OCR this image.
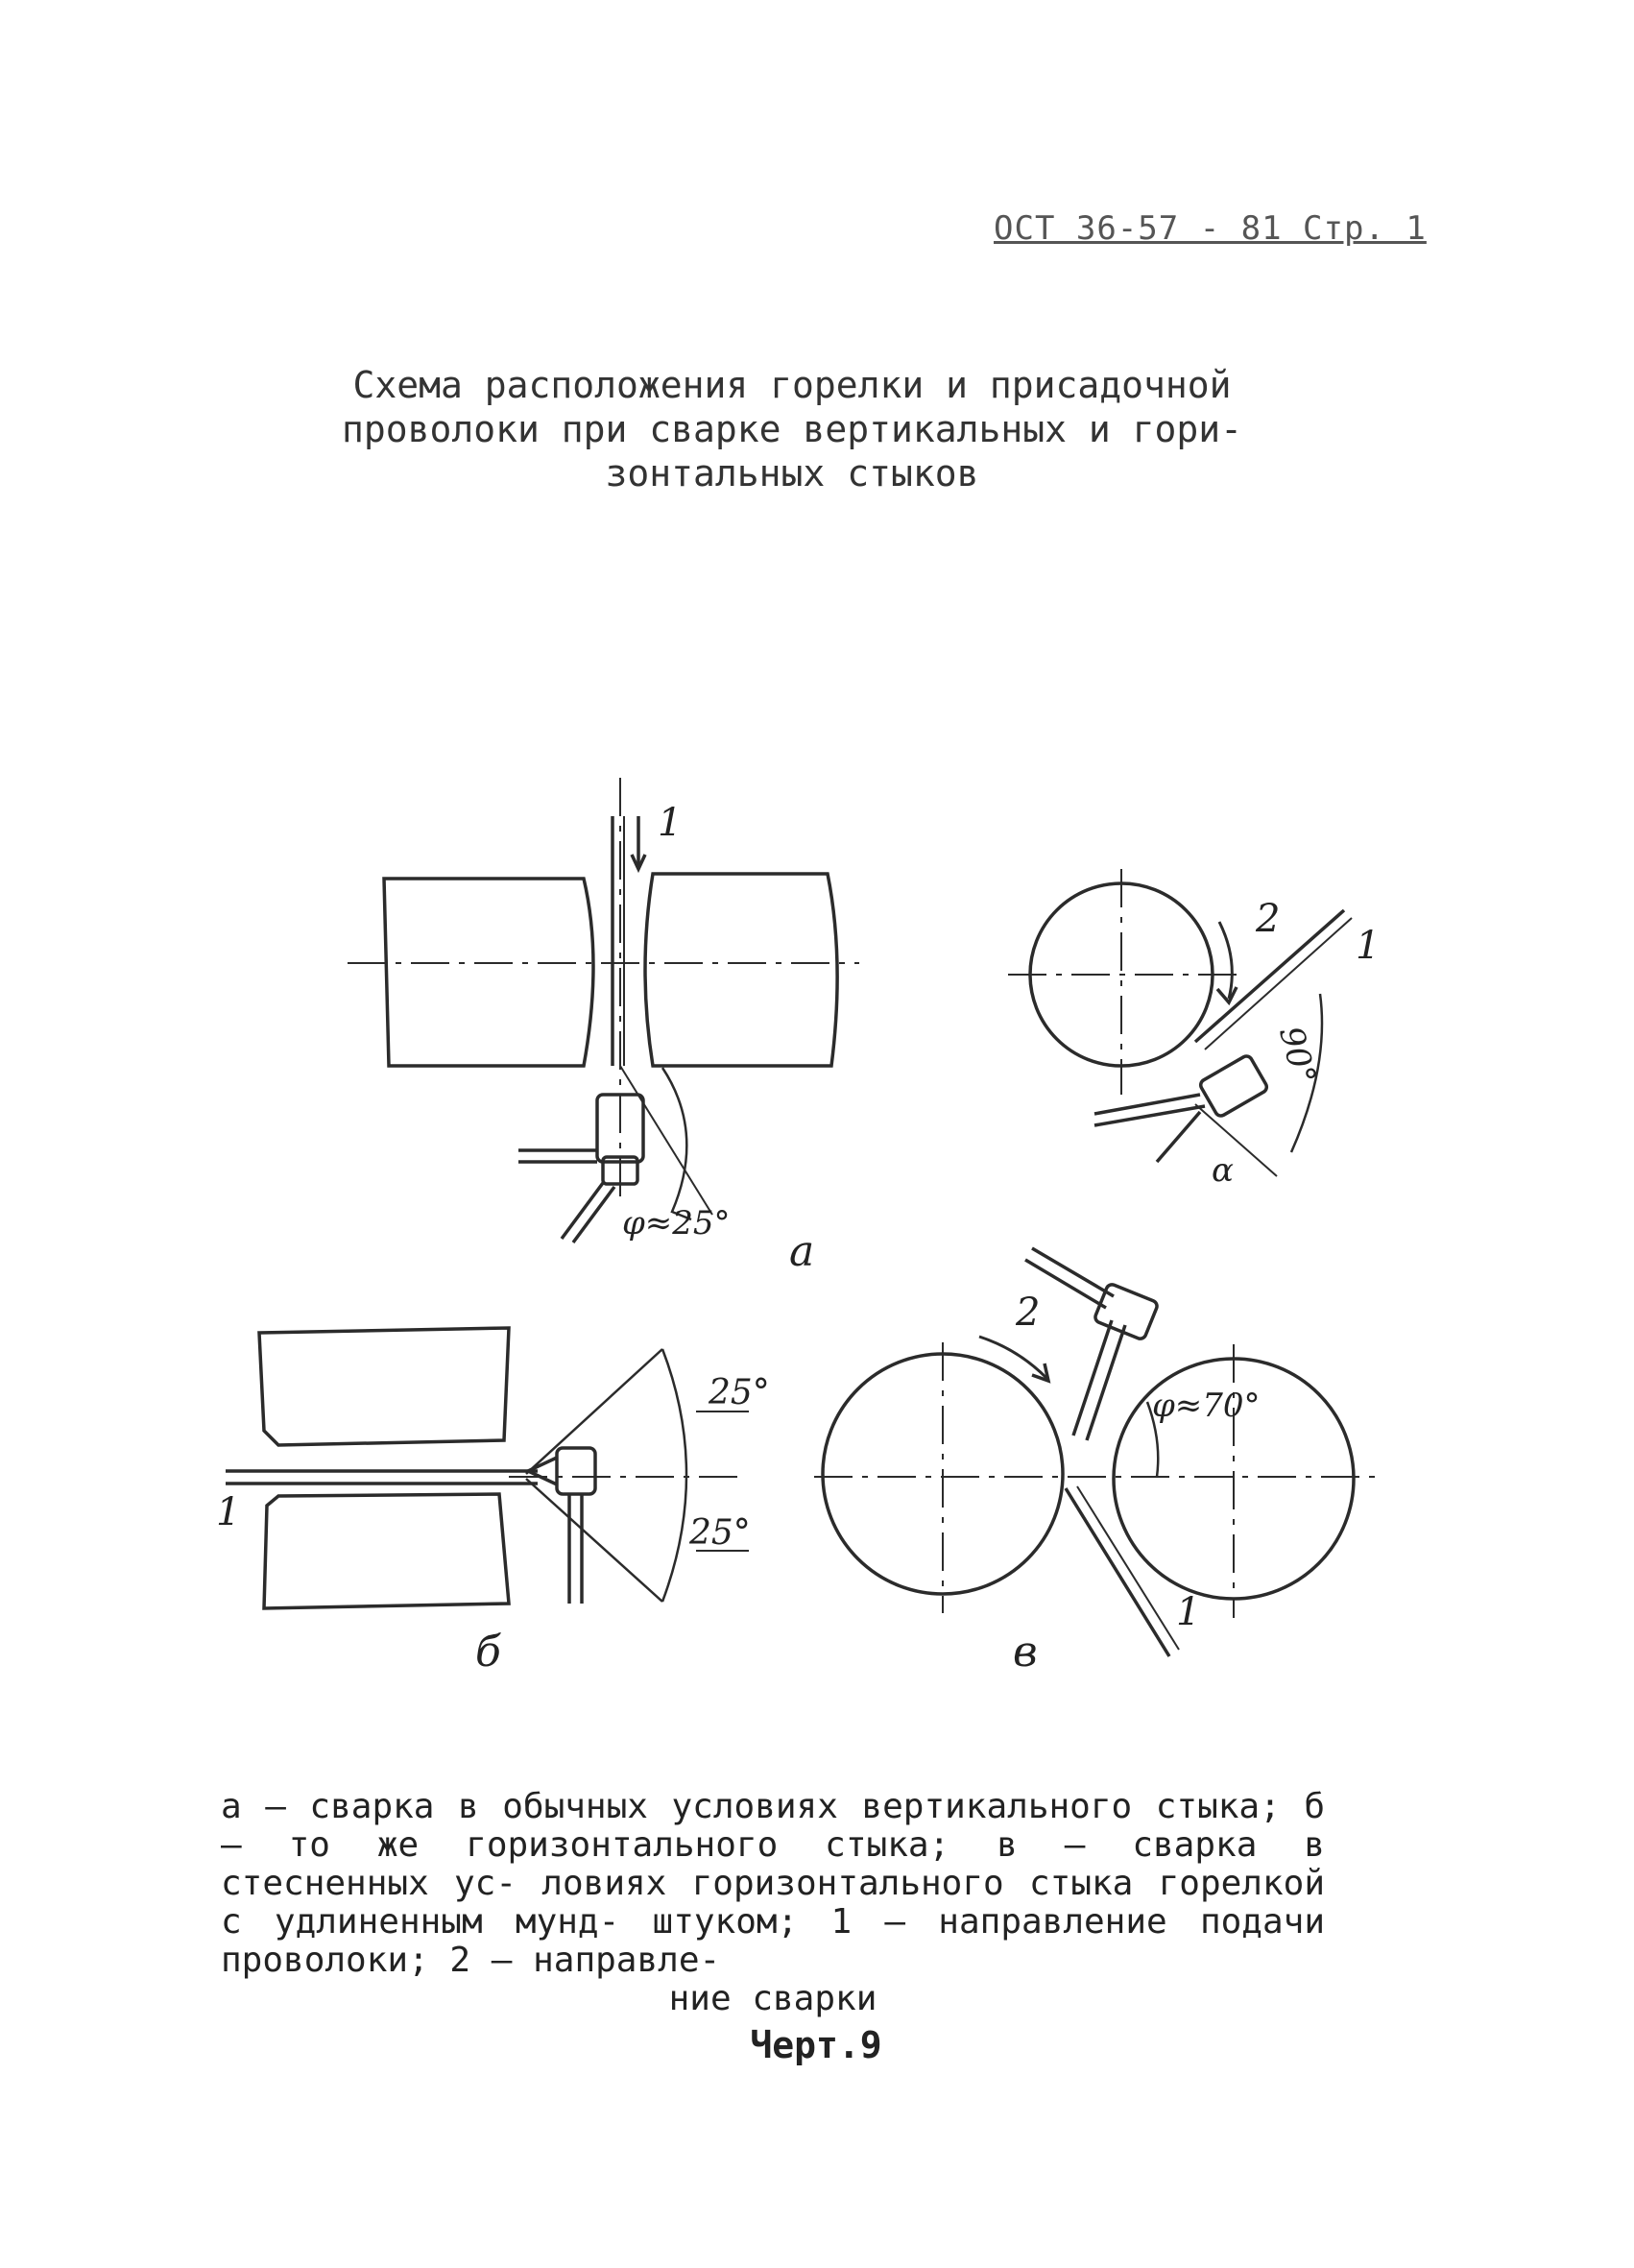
ОСТ 36-57 - 81 Стр. 1
Схема расположения горелки и присадочной
проволоки при сварке вертикальных и гори-
зонтальных стыков
а
б	в
1
1
2
1
2
1
φ≈25°
90°
α
25°
25°
φ≈70°
а – сварка в обычных условиях вертикального стыка; б – то же горизонтального стыка; в – сварка в стесненных ус- ловиях горизонтального стыка горелкой с удлиненным мунд- штуком; 1 – направление подачи проволоки; 2 – направле-
ние сварки
Черт.9
